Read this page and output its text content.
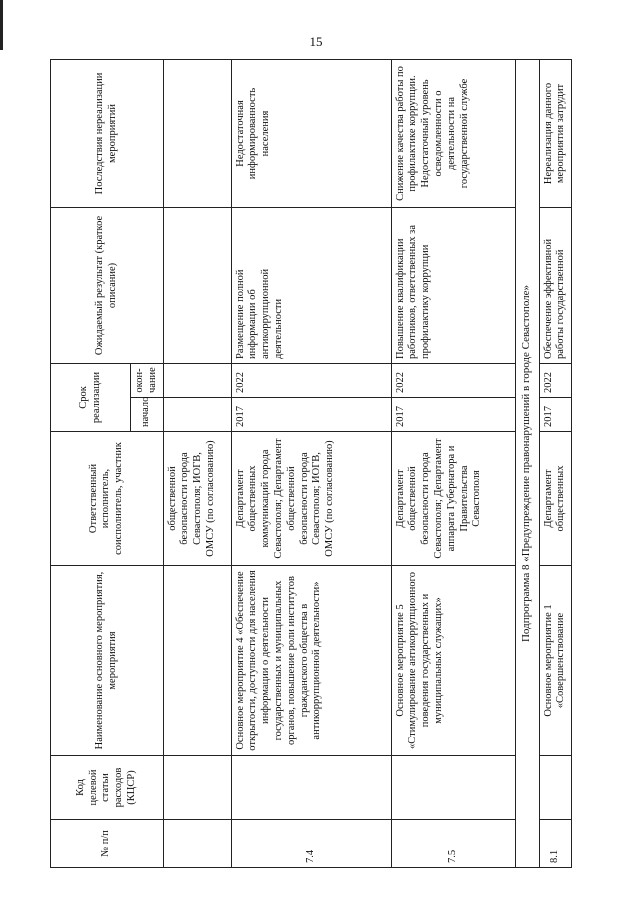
15
№ п/п	Код целевой статьи расходов (КЦСР)	Наименование основного мероприятия, мероприятия	Ответственный исполнитель, соисполнитель, участник	Срок реализации		Ожидаемый результат (краткое описание)	Последствия нереализации мероприятий
				начало	окон-чание		
			общественной безопасности города Севастополя; ИОГВ, ОМСУ (по согласованию)				
7.4		Основное мероприятие 4 «Обеспечение открытости, доступности для населения информации о деятельности государственных и муниципальных органов, повышение роли институтов гражданского общества в антикоррупционной деятельности»	Департамент общественных коммуникаций города Севастополя; Департамент общественной безопасности города Севастополя; ИОГВ, ОМСУ (по согласованию)	2017	2022	Размещение полной информации об антикоррупционной деятельности	Недостаточная информированность населения
7.5		Основное мероприятие 5 «Стимулирование антикоррупционного поведения государственных и муниципальных служащих»	Департамент общественной безопасности города Севастополя; Департамент аппарата Губернатора и Правительства Севастополя	2017	2022	Повышение квалификации работников, ответственных за профилактику коррупции	Снижение качества работы по профилактике коррупции. Недостаточный уровень осведомленности о деятельности на государственной службе
Подпрограмма 8 «Предупреждение правонарушений в городе Севастополе»							
8.1		Основное мероприятие 1 «Совершенствование	Департамент общественных	2017	2022	Обеспечение эффективной работы государственной	Нереализация данного мероприятия затрудит
